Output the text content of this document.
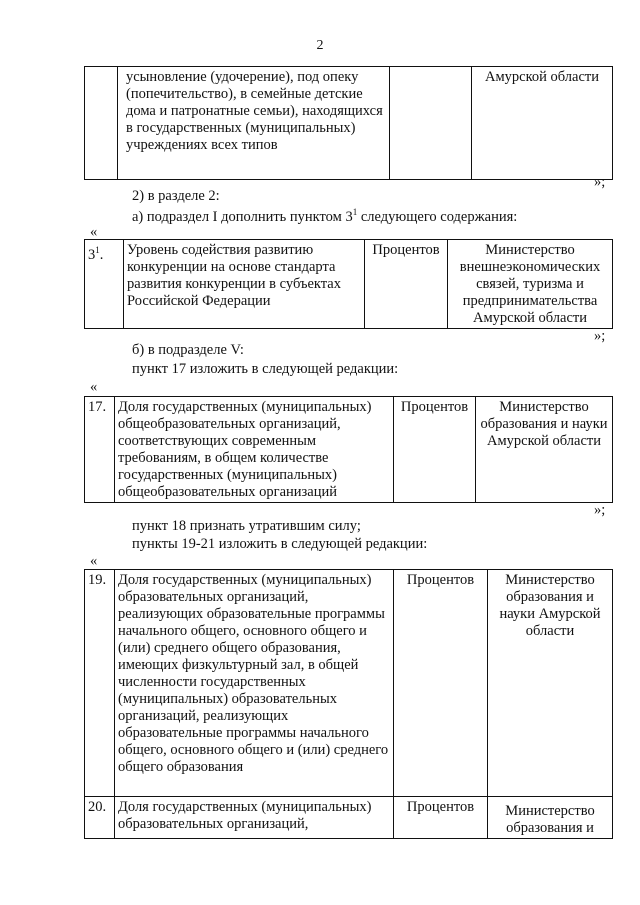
2
	усыновление (удочерение), под опеку (попечительство), в семейные детские дома и патронатные семьи), находящихся в государственных (муниципальных) учреждениях всех типов		Амурской области
»;
2) в разделе 2:
а) подраздел I дополнить пунктом $3^1$ следующего содержания:
«
$3^1$.	Уровень содействия развитию конкуренции на основе стандарта развития конкуренции в субъектах Российской Федерации	Процентов	Министерство внешнеэкономических связей, туризма и предпринимательства Амурской области
»;
б) в подразделе V:
пункт 17 изложить в следующей редакции:
«
17.	Доля государственных (муниципальных) общеобразовательных организаций, соответствующих современным требованиям, в общем количестве государственных (муниципальных) общеобразовательных организаций	Процентов	Министерство образования и науки Амурской области
»;
пункт 18 признать утратившим силу;
пункты 19-21 изложить в следующей редакции:
«
19.	Доля государственных (муниципальных) образовательных организаций, реализующих образовательные программы начального общего, основного общего и (или) среднего общего образования, имеющих физкультурный зал, в общей численности государственных (муниципальных) образовательных организаций, реализующих образовательные программы начального общего, основного общего и (или) среднего общего образования	Процентов	Министерство образования и науки Амурской области
20.	Доля государственных (муниципальных) образовательных организаций,	Процентов	Министерство образования и
